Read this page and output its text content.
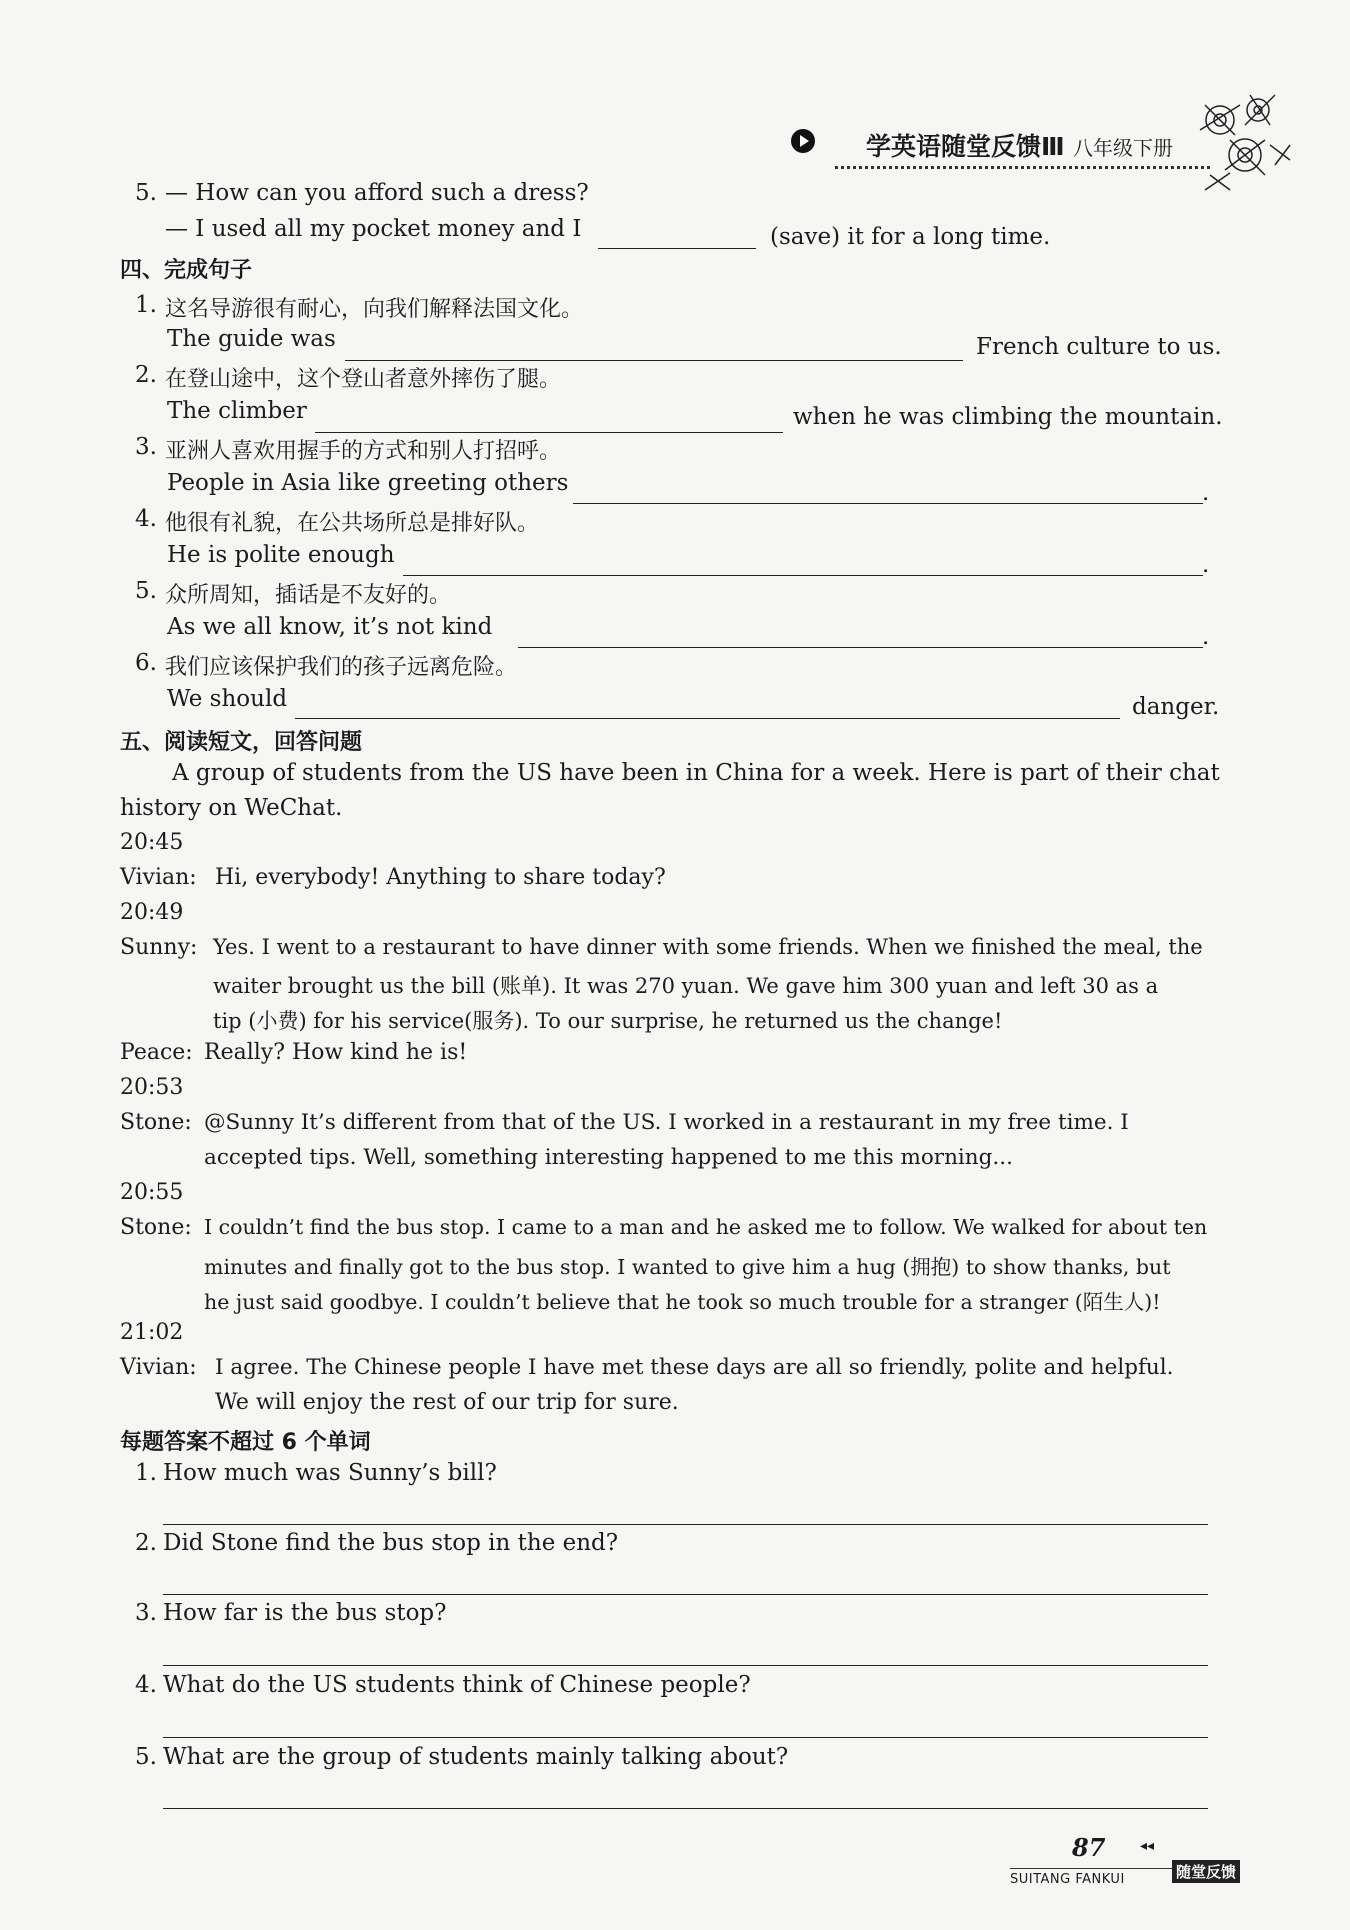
学英语随堂反馈Ⅲ 八年级下册
5. — How can you afford such a dress?
— I used all my pocket money and I	(save) it for a long time.
四、完成句子
1. 这名导游很有耐心，向我们解释法国文化。
The guide was	French culture to us.
2. 在登山途中，这个登山者意外摔伤了腿。
The climber	when he was climbing the mountain.
3. 亚洲人喜欢用握手的方式和别人打招呼。
People in Asia like greeting others	.
4. 他很有礼貌，在公共场所总是排好队。
He is polite enough	.
5. 众所周知，插话是不友好的。
As we all know, it’s not kind	.
6. 我们应该保护我们的孩子远离危险。
We should	danger.
五、阅读短文，回答问题
A group of students from the US have been in China for a week. Here is part of their chat
history on WeChat.
20:45
Vivian: Hi, everybody! Anything to share today?
20:49
Sunny: Yes. I went to a restaurant to have dinner with some friends. When we finished the meal, the
waiter brought us the bill (账单). It was 270 yuan. We gave him 300 yuan and left 30 as a
tip (小费) for his service(服务). To our surprise, he returned us the change!
Peace: Really? How kind he is!
20:53
Stone: @Sunny It’s different from that of the US. I worked in a restaurant in my free time. I
accepted tips. Well, something interesting happened to me this morning...
20:55
Stone: I couldn’t find the bus stop. I came to a man and he asked me to follow. We walked for about ten
minutes and finally got to the bus stop. I wanted to give him a hug (拥抱) to show thanks, but
he just said goodbye. I couldn’t believe that he took so much trouble for a stranger (陌生人)!
21:02
Vivian: I agree. The Chinese people I have met these days are all so friendly, polite and helpful.
We will enjoy the rest of our trip for sure.
每题答案不超过 6 个单词
1. How much was Sunny’s bill?
2. Did Stone find the bus stop in the end?
3. How far is the bus stop?
4. What do the US students think of Chinese people?
5. What are the group of students mainly talking about?
87 ◂◂
SUITANG FANKUI	随堂反馈
